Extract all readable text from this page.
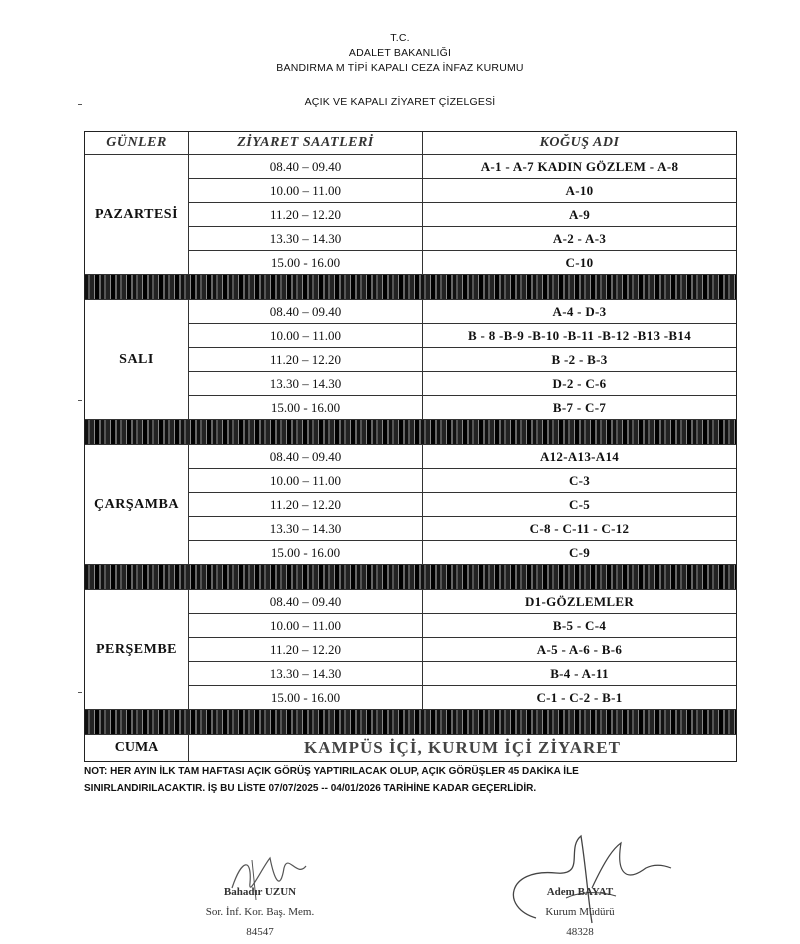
T.C.
ADALET BAKANLIĞI
BANDIRMA M TİPİ KAPALI CEZA İNFAZ KURUMU
AÇIK VE KAPALI ZİYARET ÇİZELGESİ
GÜNLER	ZİYARET SAATLERİ	KOĞUŞ ADI
PAZARTESİ
08.40 – 09.40	A-1 - A-7 KADIN GÖZLEM - A-8
10.00 – 11.00	A-10
11.20 – 12.20	A-9
13.30 – 14.30	A-2 - A-3
15.00 - 16.00	C-10
SALI
08.40 – 09.40	A-4 - D-3
10.00 – 11.00	B - 8 -B-9 -B-10 -B-11 -B-12 -B13 -B14
11.20 – 12.20	B -2 - B-3
13.30 – 14.30	D-2 - C-6
15.00 - 16.00	B-7 - C-7
ÇARŞAMBA
08.40 – 09.40	A12-A13-A14
10.00 – 11.00	C-3
11.20 – 12.20	C-5
13.30 – 14.30	C-8 - C-11 - C-12
15.00 - 16.00	C-9
PERŞEMBE
08.40 – 09.40	D1-GÖZLEMLER
10.00 – 11.00	B-5 - C-4
11.20 – 12.20	A-5 - A-6 - B-6
13.30 – 14.30	B-4 - A-11
15.00 - 16.00	C-1 - C-2 - B-1
CUMA	KAMPÜS İÇİ, KURUM İÇİ ZİYARET
NOT: HER AYIN İLK TAM HAFTASI AÇIK GÖRÜŞ YAPTIRILACAK OLUP, AÇIK GÖRÜŞLER 45 DAKİKA İLE
SINIRLANDIRILACAKTIR. İŞ BU LİSTE 07/07/2025 -- 04/01/2026 TARİHİNE KADAR GEÇERLİDİR.
Bahadır UZUN
Sor. İnf. Kor. Baş. Mem.
84547
Adem BAYAT
Kurum Müdürü
48328
